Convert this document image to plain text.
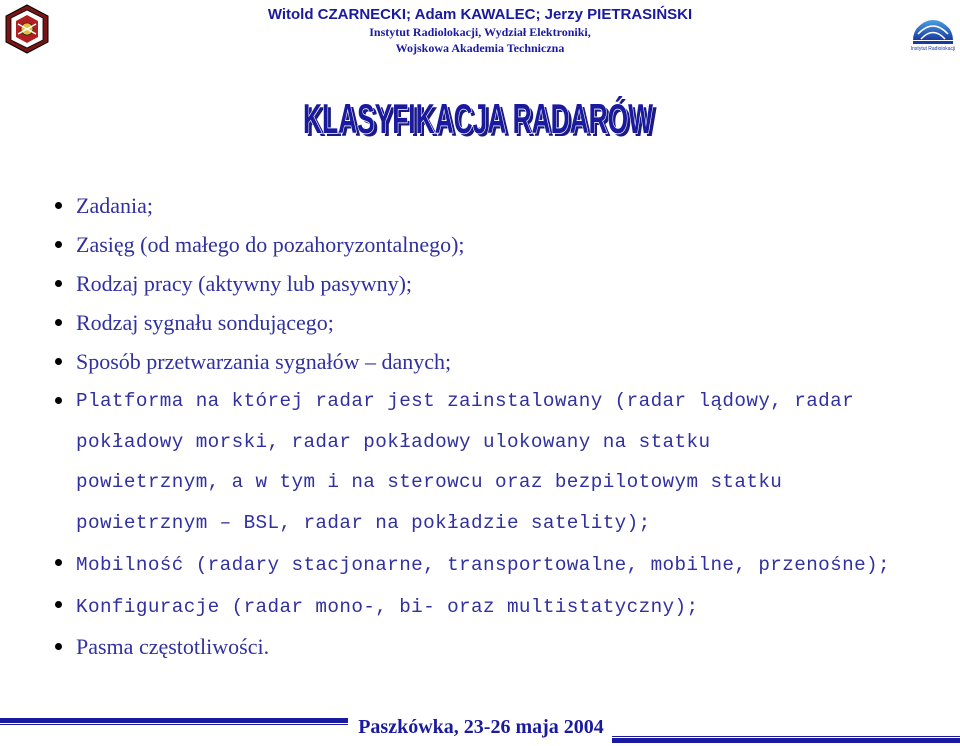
Witold CZARNECKI; Adam KAWALEC; Jerzy PIETRASIŃSKI
Instytut Radiolokacji, Wydział Elektroniki,
Wojskowa Akademia Techniczna	Instytut Radiolokacji
KLASYFIKACJA R
KLASYFIKACJA R
Zadania;
Zasięg (od małego do pozahoryzontalnego);
Rodzaj pracy (aktywny lub pasywny);
Rodzaj sygnału sondującego;
Sposób przetwarzania sygnałów – danych;
Platforma na której radar jest zainstalowany (radar lądowy, radar
pokładowy morski, radar pokładowy ulokowany na statku
powietrznym, a w tym i na sterowcu oraz bezpilotowym statku
powietrznym – BSL, radar na pokładzie satelity);
Mobilność (radary stacjonarne, transportowalne, mobilne, przenośne);
Konfiguracje (radar mono-, bi- oraz multistatyczny);
Pasma częstotliwości.
Paszkówka, 23-26 maja 2004
